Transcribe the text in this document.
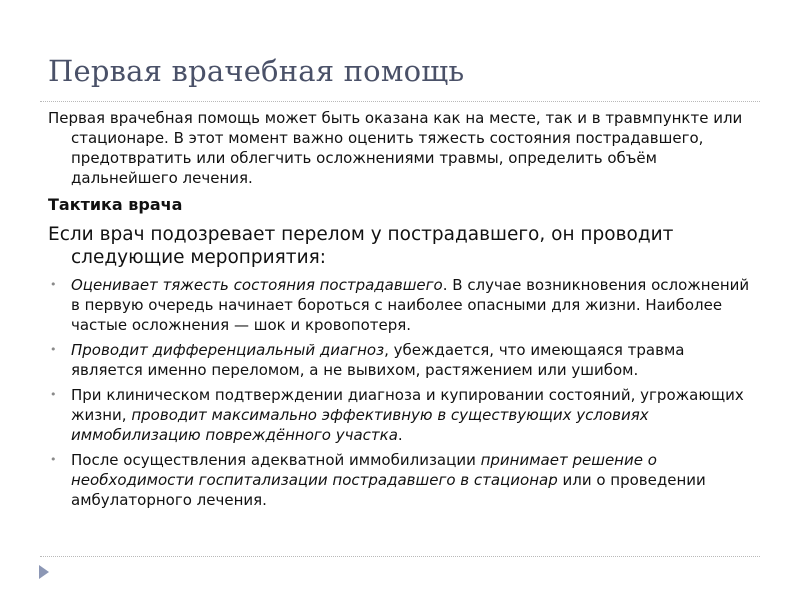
Первая врачебная помощь

Первая врачебная помощь может быть оказана как на месте, так и в травмпункте или стационаре. В этот момент важно оценить тяжесть состояния пострадавшего, предотвратить или облегчить осложнениями травмы, определить объём дальнейшего лечения.

Тактика врача

Если врач подозревает перелом у пострадавшего, он проводит следующие мероприятия:

• Оценивает тяжесть состояния пострадавшего. В случае возникновения осложнений в первую очередь начинает бороться с наиболее опасными для жизни. Наиболее частые осложнения — шок и кровопотеря.
• Проводит дифференциальный диагноз, убеждается, что имеющаяся травма является именно переломом, а не вывихом, растяжением или ушибом.
• При клиническом подтверждении диагноза и купировании состояний, угрожающих жизни, проводит максимально эффективную в существующих условиях иммобилизацию повреждённого участка.
• После осуществления адекватной иммобилизации принимает решение о необходимости госпитализации пострадавшего в стационар или о проведении амбулаторного лечения.
